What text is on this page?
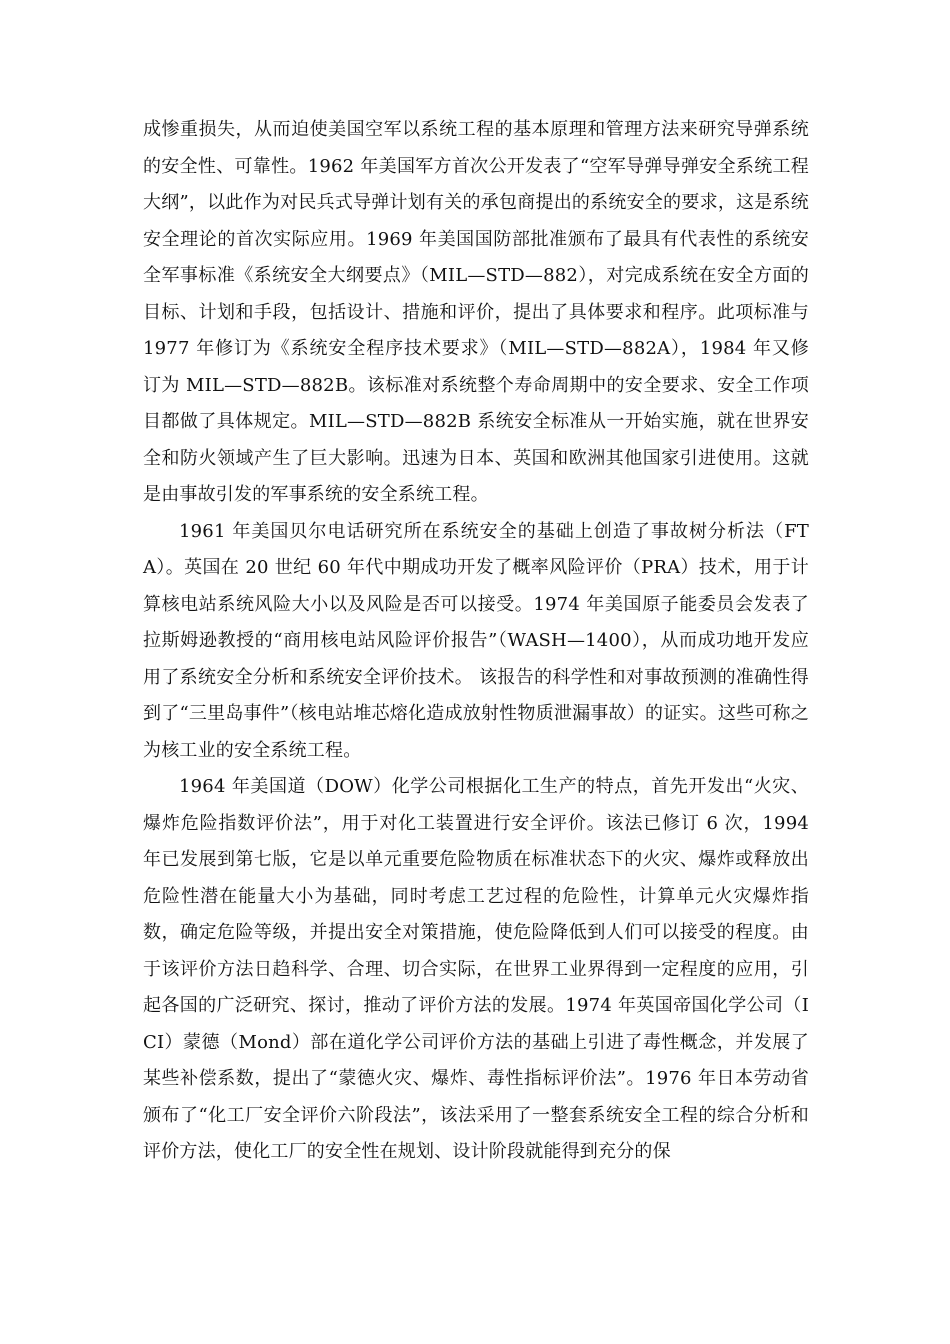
成惨重损失，从而迫使美国空军以系统工程的基本原理和管理方法来研究导弹系统的安全性、可靠性。1962 年美国军方首次公开发表了“空军导弹导弹安全系统工程大纲”，以此作为对民兵式导弹计划有关的承包商提出的系统安全的要求，这是系统安全理论的首次实际应用。1969 年美国国防部批准颁布了最具有代表性的系统安全军事标准《系统安全大纲要点》（MIL—STD—882），对完成系统在安全方面的目标、计划和手段，包括设计、措施和评价，提出了具体要求和程序。此项标准与 1977 年修订为《系统安全程序技术要求》（MIL—STD—882A），1984 年又修订为 MIL—STD—882B。该标准对系统整个寿命周期中的安全要求、安全工作项目都做了具体规定。MIL—STD—882B 系统安全标准从一开始实施，就在世界安全和防火领域产生了巨大影响。迅速为日本、英国和欧洲其他国家引进使用。这就是由事故引发的军事系统的安全系统工程。

1961 年美国贝尔电话研究所在系统安全的基础上创造了事故树分析法（FTA）。英国在 20 世纪 60 年代中期成功开发了概率风险评价（PRA）技术，用于计算核电站系统风险大小以及风险是否可以接受。1974 年美国原子能委员会发表了拉斯姆逊教授的“商用核电站风险评价报告”（WASH—1400），从而成功地开发应用了系统安全分析和系统安全评价技术。 该报告的科学性和对事故预测的准确性得到了“三里岛事件”（核电站堆芯熔化造成放射性物质泄漏事故）的证实。这些可称之为核工业的安全系统工程。

1964 年美国道（DOW）化学公司根据化工生产的特点，首先开发出“火灾、爆炸危险指数评价法”，用于对化工装置进行安全评价。该法已修订 6 次，1994 年已发展到第七版，它是以单元重要危险物质在标准状态下的火灾、爆炸或释放出危险性潜在能量大小为基础，同时考虑工艺过程的危险性，计算单元火灾爆炸指数，确定危险等级，并提出安全对策措施，使危险降低到人们可以接受的程度。由于该评价方法日趋科学、合理、切合实际，在世界工业界得到一定程度的应用，引起各国的广泛研究、探讨，推动了评价方法的发展。1974 年英国帝国化学公司（ICI）蒙德（Mond）部在道化学公司评价方法的基础上引进了毒性概念，并发展了某些补偿系数，提出了“蒙德火灾、爆炸、毒性指标评价法”。1976 年日本劳动省颁布了“化工厂安全评价六阶段法”，该法采用了一整套系统安全工程的综合分析和评价方法，使化工厂的安全性在规划、设计阶段就能得到充分的保
